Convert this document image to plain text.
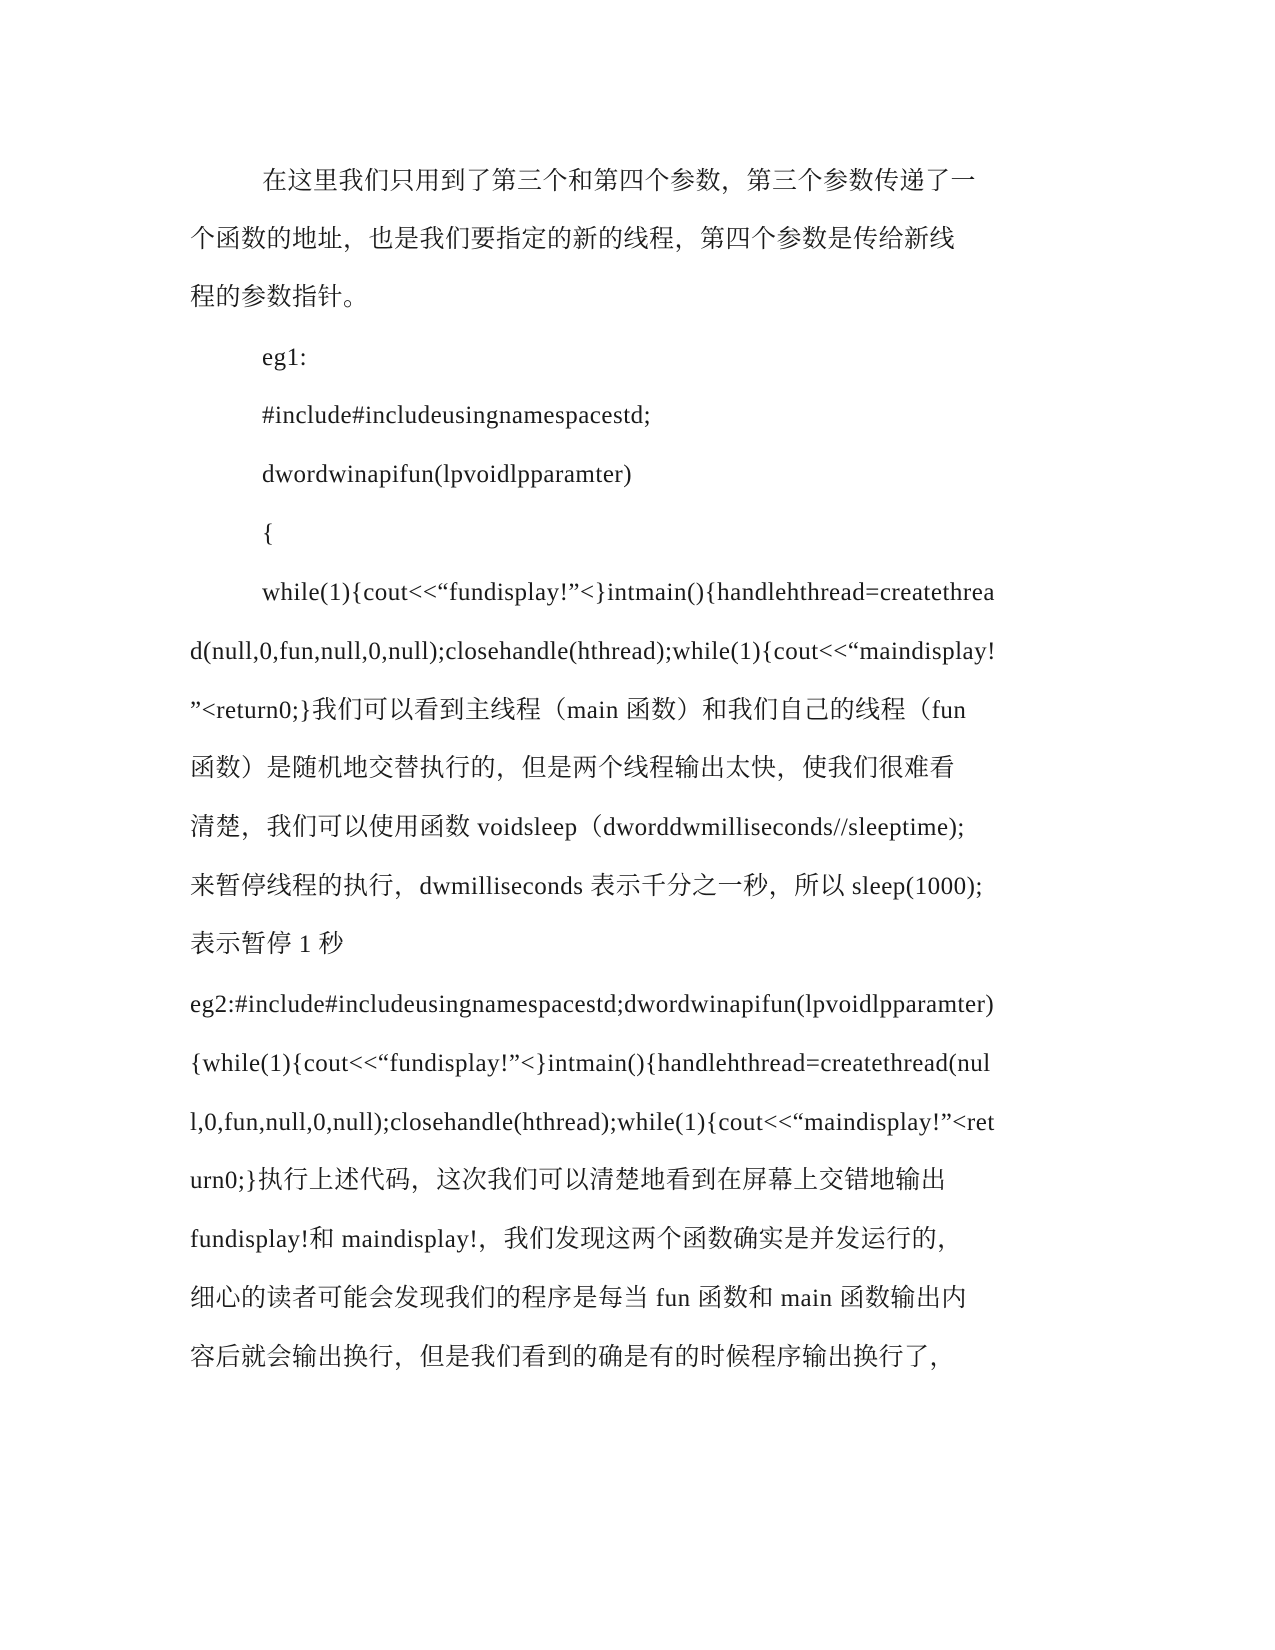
在这里我们只用到了第三个和第四个参数，第三个参数传递了一
个函数的地址，也是我们要指定的新的线程，第四个参数是传给新线
程的参数指针。
eg1:
#include#includeusingnamespacestd;
dwordwinapifun(lpvoidlpparamter)
{
while(1){cout<<“fundisplay!”<}intmain(){handlehthread=createthrea
d(null,0,fun,null,0,null);closehandle(hthread);while(1){cout<<“maindisplay!
”<return0;}我们可以看到主线程（main 函数）和我们自己的线程（fun
函数）是随机地交替执行的，但是两个线程输出太快，使我们很难看
清楚，我们可以使用函数 voidsleep（dworddwmilliseconds//sleeptime);
来暂停线程的执行，dwmilliseconds 表示千分之一秒，所以 sleep(1000);
表示暂停 1 秒
eg2:#include#includeusingnamespacestd;dwordwinapifun(lpvoidlpparamter)
{while(1){cout<<“fundisplay!”<}intmain(){handlehthread=createthread(nul
l,0,fun,null,0,null);closehandle(hthread);while(1){cout<<“maindisplay!”<ret
urn0;}执行上述代码，这次我们可以清楚地看到在屏幕上交错地输出
fundisplay!和 maindisplay!，我们发现这两个函数确实是并发运行的，
细心的读者可能会发现我们的程序是每当 fun 函数和 main 函数输出内
容后就会输出换行，但是我们看到的确是有的时候程序输出换行了，
